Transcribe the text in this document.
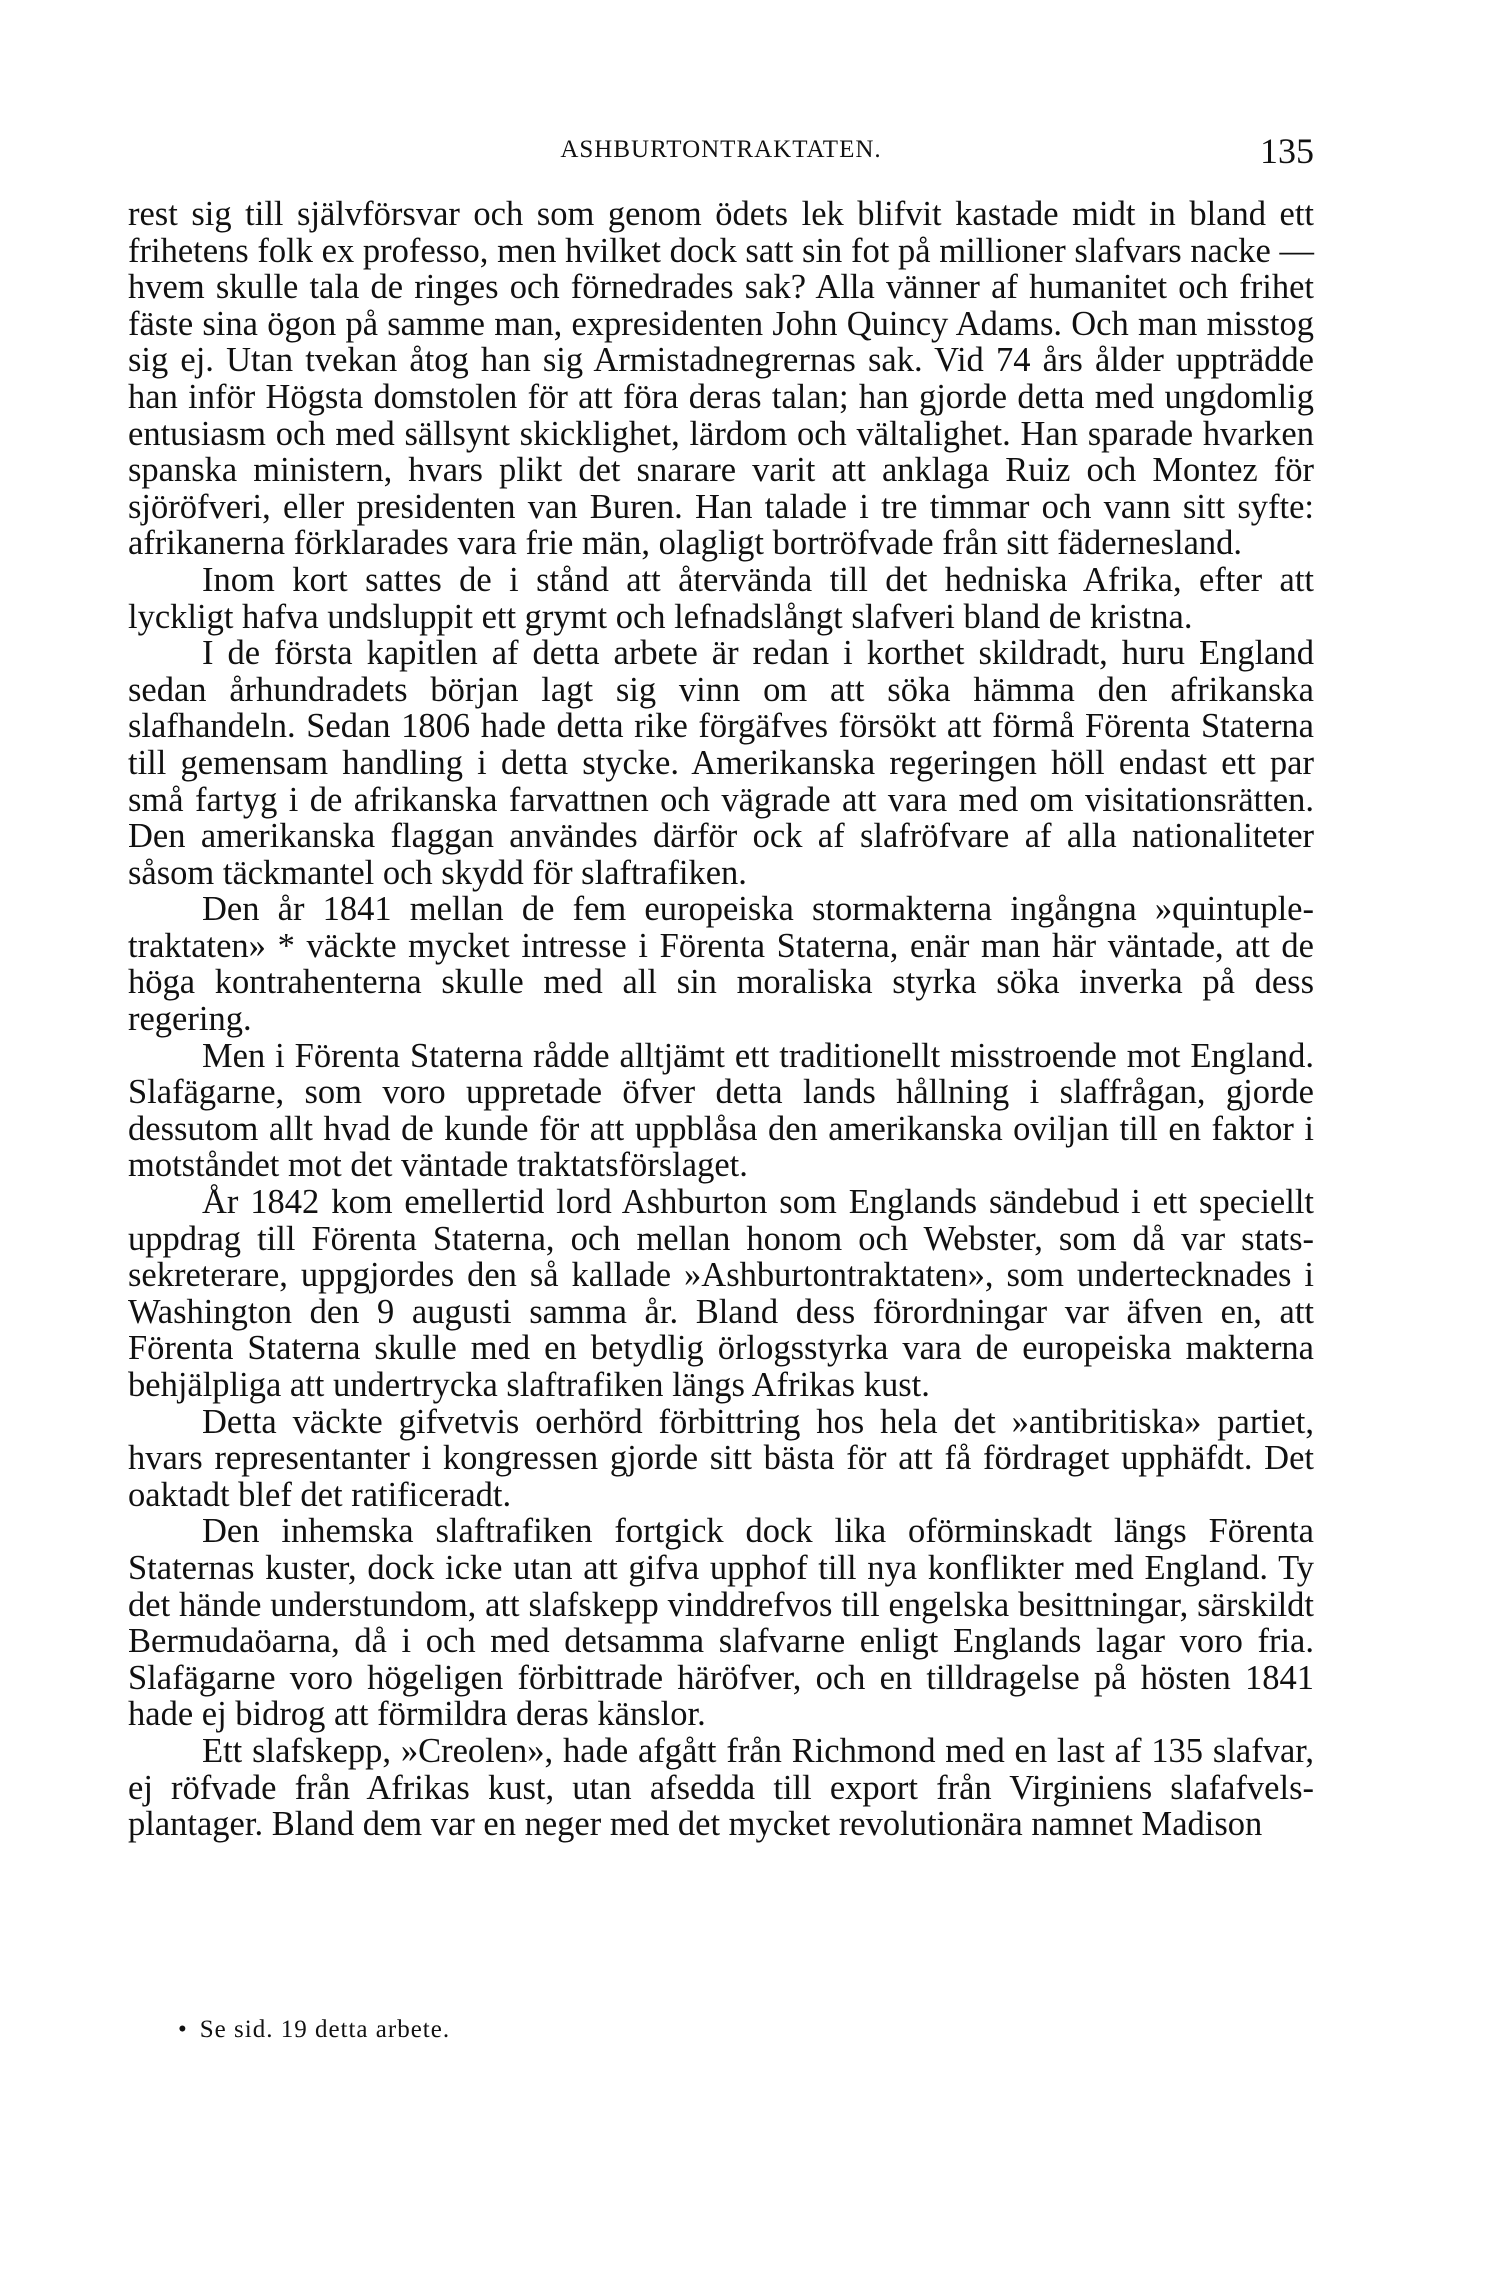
ASHBURTONTRAKTATEN.	135

rest sig till självförsvar och som genom ödets lek blifvit kastade midt in bland ett frihetens folk ex professo, men hvilket dock satt sin fot på millioner slafvars nacke — hvem skulle tala de ringes och förnedrades sak? Alla vänner af humanitet och frihet fäste sina ögon på samme man, expresidenten John Quincy Adams. Och man misstog sig ej. Utan tvekan åtog han sig Armistadnegrernas sak. Vid 74 års ålder uppträdde han inför Högsta domstolen för att föra deras talan; han gjorde detta med ungdomlig entusiasm och med sällsynt skicklighet, lärdom och vältalighet. Han sparade hvarken spanska ministern, hvars plikt det snarare varit att anklaga Ruiz och Montez för sjöröfveri, eller presidenten van Buren. Han talade i tre timmar och vann sitt syfte: afrikanerna förklarades vara frie män, olagligt bortröfvade från sitt fädernesland.

Inom kort sattes de i stånd att återvända till det hedniska Afrika, efter att lyckligt hafva undsluppit ett grymt och lefnadslångt slafveri bland de kristna.

I de första kapitlen af detta arbete är redan i korthet skildradt, huru England sedan århundradets början lagt sig vinn om att söka hämma den afrikanska slafhandeln. Sedan 1806 hade detta rike förgäfves försökt att förmå Förenta Staterna till gemensam handling i detta stycke. Amerikanska regeringen höll endast ett par små fartyg i de afrikanska farvattnen och vägrade att vara med om visitationsrätten. Den amerikanska flaggan användes därför ock af slafröfvare af alla nationaliteter såsom täckmantel och skydd för slaftrafiken.

Den år 1841 mellan de fem europeiska stormakterna ingångna »quintupletraktaten» * väckte mycket intresse i Förenta Staterna, enär man här väntade, att de höga kontrahenterna skulle med all sin moraliska styrka söka inverka på dess regering.

Men i Förenta Staterna rådde alltjämt ett traditionellt misstroende mot England. Slafägarne, som voro uppretade öfver detta lands hållning i slaffrågan, gjorde dessutom allt hvad de kunde för att uppblåsa den amerikanska oviljan till en faktor i motståndet mot det väntade traktatsförslaget.

År 1842 kom emellertid lord Ashburton som Englands sändebud i ett speciellt uppdrag till Förenta Staterna, och mellan honom och Webster, som då var statssekreterare, uppgjordes den så kallade »Ashburtontraktaten», som undertecknades i Washington den 9 augusti samma år. Bland dess förordningar var äfven en, att Förenta Staterna skulle med en betydlig örlogsstyrka vara de europeiska makterna behjälpliga att undertrycka slaftrafiken längs Afrikas kust.

Detta väckte gifvetvis oerhörd förbittring hos hela det »antibritiska» partiet, hvars representanter i kongressen gjorde sitt bästa för att få fördraget upphäfdt. Det oaktadt blef det ratificeradt.

Den inhemska slaftrafiken fortgick dock lika oförminskadt längs Förenta Staternas kuster, dock icke utan att gifva upphof till nya konflikter med England. Ty det hände understundom, att slafskepp vinddrefvos till engelska besittningar, särskildt Bermudaöarna, då i och med detsamma slafvarne enligt Englands lagar voro fria. Slafägarne voro högeligen förbittrade häröfver, och en tilldragelse på hösten 1841 hade ej bidrog att förmildra deras känslor.

Ett slafskepp, »Creolen», hade afgått från Richmond med en last af 135 slafvar, ej röfvade från Afrikas kust, utan afsedda till export från Virginiens slafafvelsplantager. Bland dem var en neger med det mycket revolutionära namnet Madison

• Se sid. 19 detta arbete.
